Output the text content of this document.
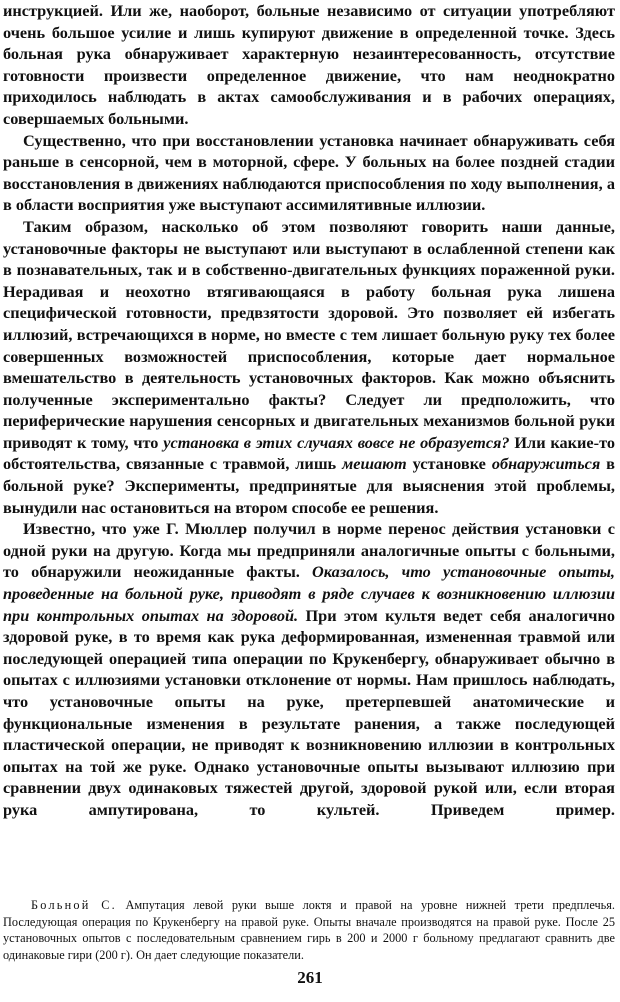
инструкцией. Или же, наоборот, больные независимо от ситуации употребляют очень большое усилие и лишь купируют движение в определенной точке. Здесь больная рука обнаруживает характерную незаинтересованность, отсутствие готовности произвести определенное движение, что нам неоднократно приходилось наблюдать в актах самообслуживания и в рабочих операциях, совершаемых больными.

Существенно, что при восстановлении установка начинает обнаруживать себя раньше в сенсорной, чем в моторной, сфере. У больных на более поздней стадии восстановления в движениях наблюдаются приспособления по ходу выполнения, а в области восприятия уже выступают ассимилятивные иллюзии.

Таким образом, насколько об этом позволяют говорить наши данные, установочные факторы не выступают или выступают в ослабленной степени как в познавательных, так и в собственно-двигательных функциях пораженной руки. Нерадивая и неохотно втягивающаяся в работу больная рука лишена специфической готовности, предвзятости здоровой. Это позволяет ей избегать иллюзий, встречающихся в норме, но вместе с тем лишает больную руку тех более совершенных возможностей приспособления, которые дает нормальное вмешательство в деятельность установочных факторов. Как можно объяснить полученные экспериментально факты? Следует ли предположить, что периферические нарушения сенсорных и двигательных механизмов больной руки приводят к тому, что установка в этих случаях вовсе не образуется? Или какие-то обстоятельства, связанные с травмой, лишь мешают установке обнаружиться в больной руке? Эксперименты, предпринятые для выяснения этой проблемы, вынудили нас остановиться на втором способе ее решения.

Известно, что уже Г. Мюллер получил в норме перенос действия установки с одной руки на другую. Когда мы предприняли аналогичные опыты с больными, то обнаружили неожиданные факты. Оказалось, что установочные опыты, проведенные на больной руке, приводят в ряде случаев к возникновению иллюзии при контрольных опытах на здоровой. При этом культя ведет себя аналогично здоровой руке, в то время как рука деформированная, измененная травмой или последующей операцией типа операции по Крукенбергу, обнаруживает обычно в опытах с иллюзиями установки отклонение от нормы. Нам пришлось наблюдать, что установочные опыты на руке, претерпевшей анатомические и функциональные изменения в результате ранения, а также последующей пластической операции, не приводят к возникновению иллюзии в контрольных опытах на той же руке. Однако установочные опыты вызывают иллюзию при сравнении двух одинаковых тяжестей другой, здоровой рукой или, если вторая рука ампутирована, то культей. Приведем пример.

Больной С. Ампутация левой руки выше локтя и правой на уровне нижней трети предплечья. Последующая операция по Крукенбергу на правой руке. Опыты вначале производятся на правой руке. После 25 установочных опытов с последовательным сравнением гирь в 200 и 2000 г больному предлагают сравнить две одинаковые гири (200 г). Он дает следующие показатели.

261
